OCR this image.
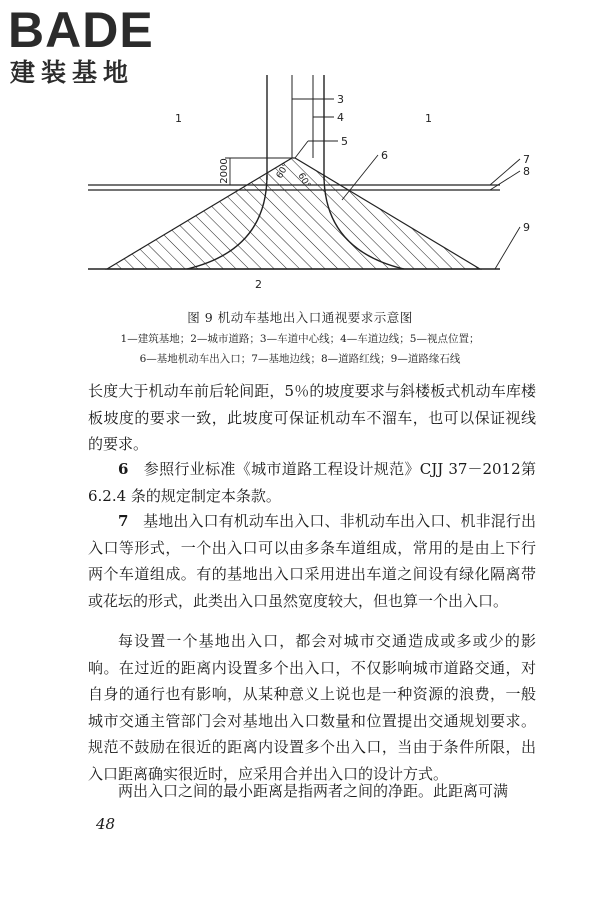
BADE
建装基地
2000	60°
60°
1	1
2
3
4
5
6	7
8
9
图 9 机动车基地出入口通视要求示意图
1—建筑基地；2—城市道路；3—车道中心线；4—车道边线；5—视点位置；
6—基地机动车出入口；7—基地边线；8—道路红线；9—道路缘石线

长度大于机动车前后轮间距，5％的坡度要求与斜楼板式机动车库楼板坡度的要求一致，此坡度可保证机动车不溜车，也可以保证视线的要求。

6 参照行业标准《城市道路工程设计规范》CJJ 37－2012第 6.2.4 条的规定制定本条款。

7 基地出入口有机动车出入口、非机动车出入口、机非混行出入口等形式，一个出入口可以由多条车道组成，常用的是由上下行两个车道组成。有的基地出入口采用进出车道之间设有绿化隔离带或花坛的形式，此类出入口虽然宽度较大，但也算一个出入口。

每设置一个基地出入口，都会对城市交通造成或多或少的影响。在过近的距离内设置多个出入口，不仅影响城市道路交通，对自身的通行也有影响，从某种意义上说也是一种资源的浪费，一般城市交通主管部门会对基地出入口数量和位置提出交通规划要求。规范不鼓励在很近的距离内设置多个出入口，当由于条件所限，出入口距离确实很近时，应采用合并出入口的设计方式。

两出入口之间的最小距离是指两者之间的净距。此距离可满

48
